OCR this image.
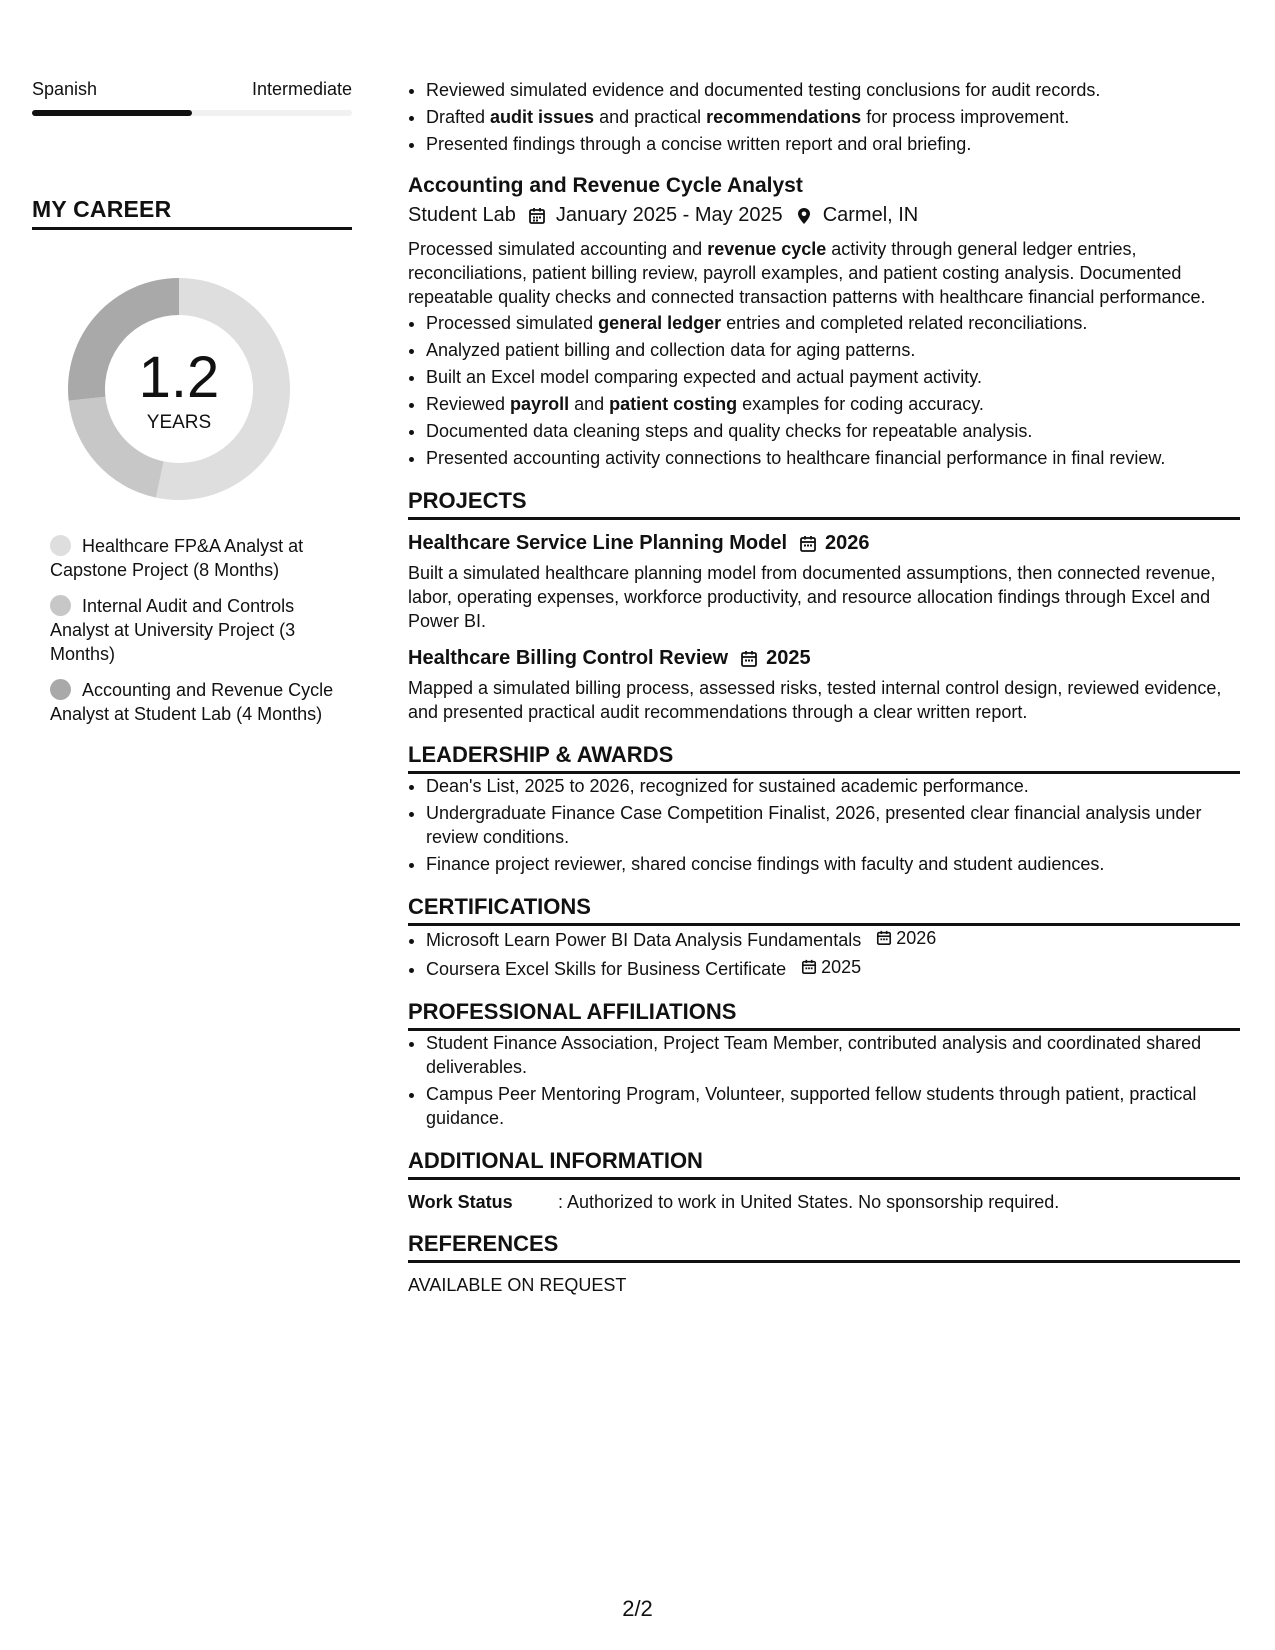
Spanish	Intermediate
MY CAREER
1.2
YEARS
Healthcare FP&A Analyst at Capstone Project (8 Months)
Internal Audit and Controls Analyst at University Project (3 Months)
Accounting and Revenue Cycle Analyst at Student Lab (4 Months)
• Reviewed simulated evidence and documented testing conclusions for audit records.
• Drafted audit issues and practical recommendations for process improvement.
• Presented findings through a concise written report and oral briefing.
Accounting and Revenue Cycle Analyst
Student Lab January 2025 - May 2025 Carmel, IN
Processed simulated accounting and revenue cycle activity through general ledger entries, reconciliations, patient billing review, payroll examples, and patient costing analysis. Documented repeatable quality checks and connected transaction patterns with healthcare financial performance.
• Processed simulated general ledger entries and completed related reconciliations.
• Analyzed patient billing and collection data for aging patterns.
• Built an Excel model comparing expected and actual payment activity.
• Reviewed payroll and patient costing examples for coding accuracy.
• Documented data cleaning steps and quality checks for repeatable analysis.
• Presented accounting activity connections to healthcare financial performance in final review.
PROJECTS
Healthcare Service Line Planning Model 2026
Built a simulated healthcare planning model from documented assumptions, then connected revenue, labor, operating expenses, workforce productivity, and resource allocation findings through Excel and Power BI.
Healthcare Billing Control Review 2025
Mapped a simulated billing process, assessed risks, tested internal control design, reviewed evidence, and presented practical audit recommendations through a clear written report.
LEADERSHIP & AWARDS
• Dean's List, 2025 to 2026, recognized for sustained academic performance.
• Undergraduate Finance Case Competition Finalist, 2026, presented clear financial analysis under review conditions.
• Finance project reviewer, shared concise findings with faculty and student audiences.
CERTIFICATIONS
• Microsoft Learn Power BI Data Analysis Fundamentals 2026
• Coursera Excel Skills for Business Certificate 2025
PROFESSIONAL AFFILIATIONS
• Student Finance Association, Project Team Member, contributed analysis and coordinated shared deliverables.
• Campus Peer Mentoring Program, Volunteer, supported fellow students through patient, practical guidance.
ADDITIONAL INFORMATION
Work Status	: Authorized to work in United States. No sponsorship required.
REFERENCES
AVAILABLE ON REQUEST
2/2
